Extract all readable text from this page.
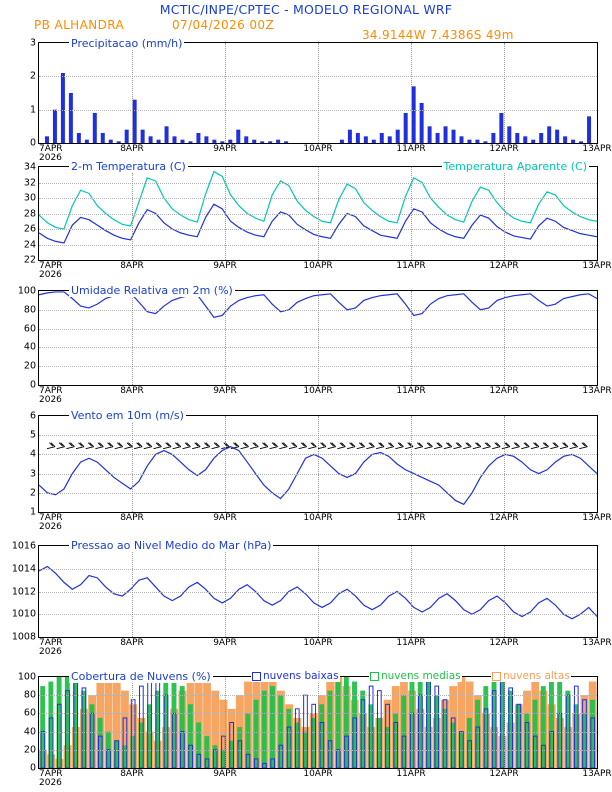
MCTIC/INPE/CPTEC - MODELO REGIONAL WRF
PB ALHANDRA	07/04/2026 00Z
34.9144W 7.4386S 49m
Precipitacao (mm/h)
0
1
2
3
7APR	8APR	9APR	10APR	11APR	12APR	13APR
2026
2-m Temperatura (C)	Temperatura Aparente (C)
22
24
26
28
30
32
34
7APR	8APR	9APR	10APR	11APR	12APR	13APR
2026
Umidade Relativa em 2m (%)
0
20
40
60
80
100
7APR	8APR	9APR	10APR	11APR	12APR	13APR
2026
Vento em 10m (m/s)
1
2
3
4
5
6
7APR	8APR	9APR	10APR	11APR	12APR	13APR
2026
Pressao ao Nivel Medio do Mar (hPa)
1008
1010
1012
1014
1016
7APR	8APR	9APR	10APR	11APR	12APR	13APR
2026
Cobertura de Nuvens (%)	nuvens baixas	nuvens medias	nuvens altas
0
20
40
60
80
100
7APR	8APR	9APR	10APR	11APR	12APR	13APR
2026
